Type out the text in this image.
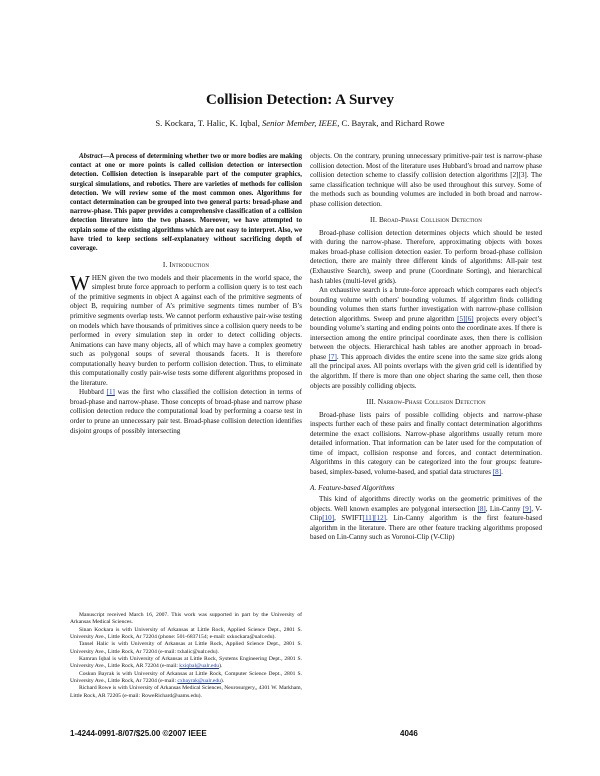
Collision Detection: A Survey
S. Kockara, T. Halic, K. Iqbal, Senior Member, IEEE, C. Bayrak, and Richard Rowe

Abstract—A process of determining whether two or more bodies are making contact at one or more points is called collision detection or intersection detection. Collision detection is inseparable part of the computer graphics, surgical simulations, and robotics. There are varieties of methods for collision detection. We will review some of the most common ones. Algorithms for contact determination can be grouped into two general parts: broad-phase and narrow-phase. This paper provides a comprehensive classification of a collision detection literature into the two phases. Moreover, we have attempted to explain some of the existing algorithms which are not easy to interpret. Also, we have tried to keep sections self-explanatory without sacrificing depth of coverage.

I. Introduction

WHEN given the two models and their placements in the world space, the simplest brute force approach to perform a collision query is to test each of the primitive segments in object A against each of the primitive segments of object B, requiring number of A’s primitive segments times number of B’s primitive segments overlap tests. We cannot perform exhaustive pair-wise testing on models which have thousands of primitives since a collision query needs to be performed in every simulation step in order to detect colliding objects. Animations can have many objects, all of which may have a complex geometry such as polygonal soups of several thousands facets. It is therefore computationally heavy burden to perform collision detection. Thus, to eliminate this computationally costly pair-wise tests some different algorithms proposed in the literature.

Hubbard [1] was the first who classified the collision detection in terms of broad-phase and narrow-phase. Those concepts of broad-phase and narrow phase collision detection reduce the computational load by performing a coarse test in order to prune an unnecessary pair test. Broad-phase collision detection identifies disjoint groups of possibly intersecting

Manuscript received March 16, 2007. This work was supported in part by the University of Arkansas Medical Sciences.

Sinan Kockara is with University of Arkansas at Little Rock, Applied Science Dept., 2801 S. University Ave., Little Rock, Ar 72204 (phone: 501-6837154; e-mail: sxkockara@ualr.edu).

Tansel Halic is with University of Arkansas at Little Rock, Applied Science Dept., 2801 S. University Ave., Little Rock, Ar 72204 (e-mail: txhalic@ualr.edu).

Kamran Iqbal is with University of Arkansas at Little Rock, Systems Engineering Dept., 2801 S. University Ave., Little Rock, AR 72204 (e-mail: kxiqbal@ualr.edu).

Coskun Bayrak is with University of Arkansas at Little Rock, Computer Science Dept., 2801 S. University Ave., Little Rock, Ar 72204 (e-mail: cxbayrak@ualr.edu).

Richard Rowe is with University of Arkansas Medical Sciences, Neurosurgery,, 4301 W. Markham, Little Rock, AR 72205 (e-mail: RoweRichard@uams.edu).

objects. On the contrary, pruning unnecessary primitive-pair test is narrow-phase collision detection. Most of the literature uses Hubbard’s broad and narrow phase collision detection scheme to classify collision detection algorithms [2][3]. The same classification technique will also be used throughout this survey. Some of the methods such as bounding volumes are included in both broad and narrow-phase collision detection.

II. Broad-Phase Collision Detection

Broad-phase collision detection determines objects which should be tested with during the narrow-phase. Therefore, approximating objects with boxes makes broad-phase collision detection easier. To perform broad-phase collision detection, there are mainly three different kinds of algorithms: All-pair test (Exhaustive Search), sweep and prune (Coordinate Sorting), and hierarchical hash tables (multi-level grids).

An exhaustive search is a brute-force approach which compares each object's bounding volume with others' bounding volumes. If algorithm finds colliding bounding volumes then starts further investigation with narrow-phase collision detection algorithms. Sweep and prune algorithm [5][6] projects every object’s bounding volume’s starting and ending points onto the coordinate axes. If there is intersection among the entire principal coordinate axes, then there is collision between the objects. Hierarchical hash tables are another approach in broad-phase [7]. This approach divides the entire scene into the same size grids along all the principal axes. All points overlaps with the given grid cell is identified by the algorithm. If there is more than one object sharing the same cell, then those objects are possibly colliding objects.

III. Narrow-Phase Collision Detection

Broad-phase lists pairs of possible colliding objects and narrow-phase inspects further each of these pairs and finally contact determination algorithms determine the exact collisions. Narrow-phase algorithms usually return more detailed information. That information can be later used for the computation of time of impact, collision response and forces, and contact determination. Algorithms in this category can be categorized into the four groups: feature-based, simplex-based, volume-based, and spatial data structures [8].

A. Feature-based Algorithms

This kind of algorithms directly works on the geometric primitives of the objects. Well known examples are polygonal intersection [8], Lin-Canny [9], V-Clip[10], SWIFT[11][12]. Lin-Canny algorithm is the first feature-based algorithm in the literature. There are other feature tracking algorithms proposed based on Lin-Canny such as Voronoi-Clip (V-Clip)

1-4244-0991-8/07/$25.00 ©2007 IEEE	4046
